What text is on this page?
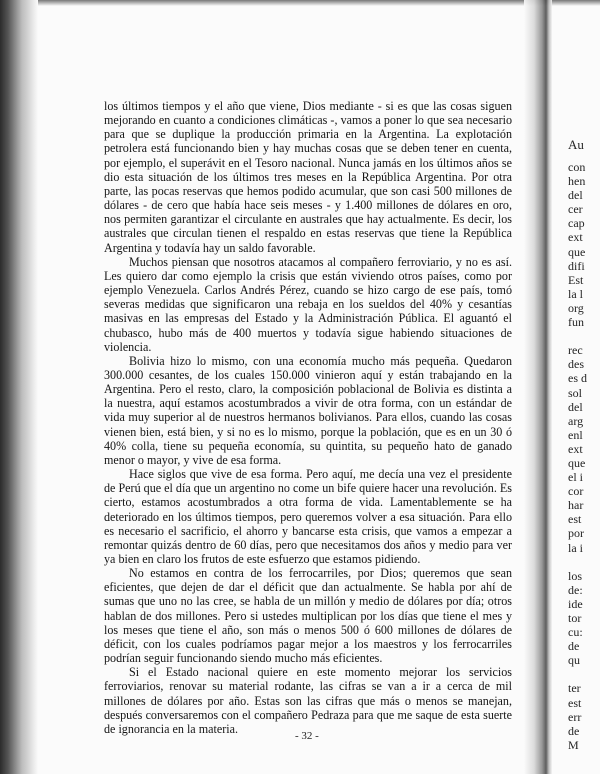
los últimos tiempos y el año que viene, Dios mediante - si es que las cosas siguen mejorando en cuanto a condiciones climáticas -, vamos a poner lo que sea necesario para que se duplique la producción primaria en la Argentina. La explotación petrolera está funcionando bien y hay muchas cosas que se deben tener en cuenta, por ejemplo, el superávit en el Tesoro nacional. Nunca jamás en los últimos años se dio esta situación de los últimos tres meses en la República Argentina. Por otra parte, las pocas reservas que hemos podido acumular, que son casi 500 millones de dólares - de cero que había hace seis meses - y 1.400 millones de dólares en oro, nos permiten garantizar el circulante en australes que hay actualmente. Es decir, los australes que circulan tienen el respaldo en estas reservas que tiene la República Argentina y todavía hay un saldo favorable.

Muchos piensan que nosotros atacamos al compañero ferroviario, y no es así. Les quiero dar como ejemplo la crisis que están viviendo otros países, como por ejemplo Venezuela. Carlos Andrés Pérez, cuando se hizo cargo de ese país, tomó severas medidas que significaron una rebaja en los sueldos del 40% y cesantías masivas en las empresas del Estado y la Administración Pública. El aguantó el chubasco, hubo más de 400 muertos y todavía sigue habiendo situaciones de violencia.

Bolivia hizo lo mismo, con una economía mucho más pequeña. Quedaron 300.000 cesantes, de los cuales 150.000 vinieron aquí y están trabajando en la Argentina. Pero el resto, claro, la composición poblacional de Bolivia es distinta a la nuestra, aquí estamos acostumbrados a vivir de otra forma, con un estándar de vida muy superior al de nuestros hermanos bolivianos. Para ellos, cuando las cosas vienen bien, está bien, y si no es lo mismo, porque la población, que es en un 30 ó 40% colla, tiene su pequeña economía, su quintita, su pequeño hato de ganado menor o mayor, y vive de esa forma.

Hace siglos que vive de esa forma. Pero aquí, me decía una vez el presidente de Perú que el día que un argentino no come un bife quiere hacer una revolución. Es cierto, estamos acostumbrados a otra forma de vida. Lamentablemente se ha deteriorado en los últimos tiempos, pero queremos volver a esa situación. Para ello es necesario el sacrificio, el ahorro y bancarse esta crisis, que vamos a empezar a remontar quizás dentro de 60 días, pero que necesitamos dos años y medio para ver ya bien en claro los frutos de este esfuerzo que estamos pidiendo.

No estamos en contra de los ferrocarriles, por Dios; queremos que sean eficientes, que dejen de dar el déficit que dan actualmente. Se habla por ahí de sumas que uno no las cree, se habla de un millón y medio de dólares por día; otros hablan de dos millones. Pero si ustedes multiplican por los días que tiene el mes y los meses que tiene el año, son más o menos 500 ó 600 millones de dólares de déficit, con los cuales podríamos pagar mejor a los maestros y los ferrocarriles podrían seguir funcionando siendo mucho más eficientes.

Si el Estado nacional quiere en este momento mejorar los servicios ferroviarios, renovar su material rodante, las cifras se van a ir a cerca de mil millones de dólares por año. Estas son las cifras que más o menos se manejan, después conversaremos con el compañero Pedraza para que me saque de esta suerte de ignorancia en la materia.

- 32 -
Au
con
hen
del
cer
cap
ext
que
difi
Est
la l
org
fun
rec
des
es d
sol
del
arg
enl
ext
que
el i
cor
har
est
por
la i
los
de:
ide
tor
cu:
de
qu
ter
est
err
de
M
